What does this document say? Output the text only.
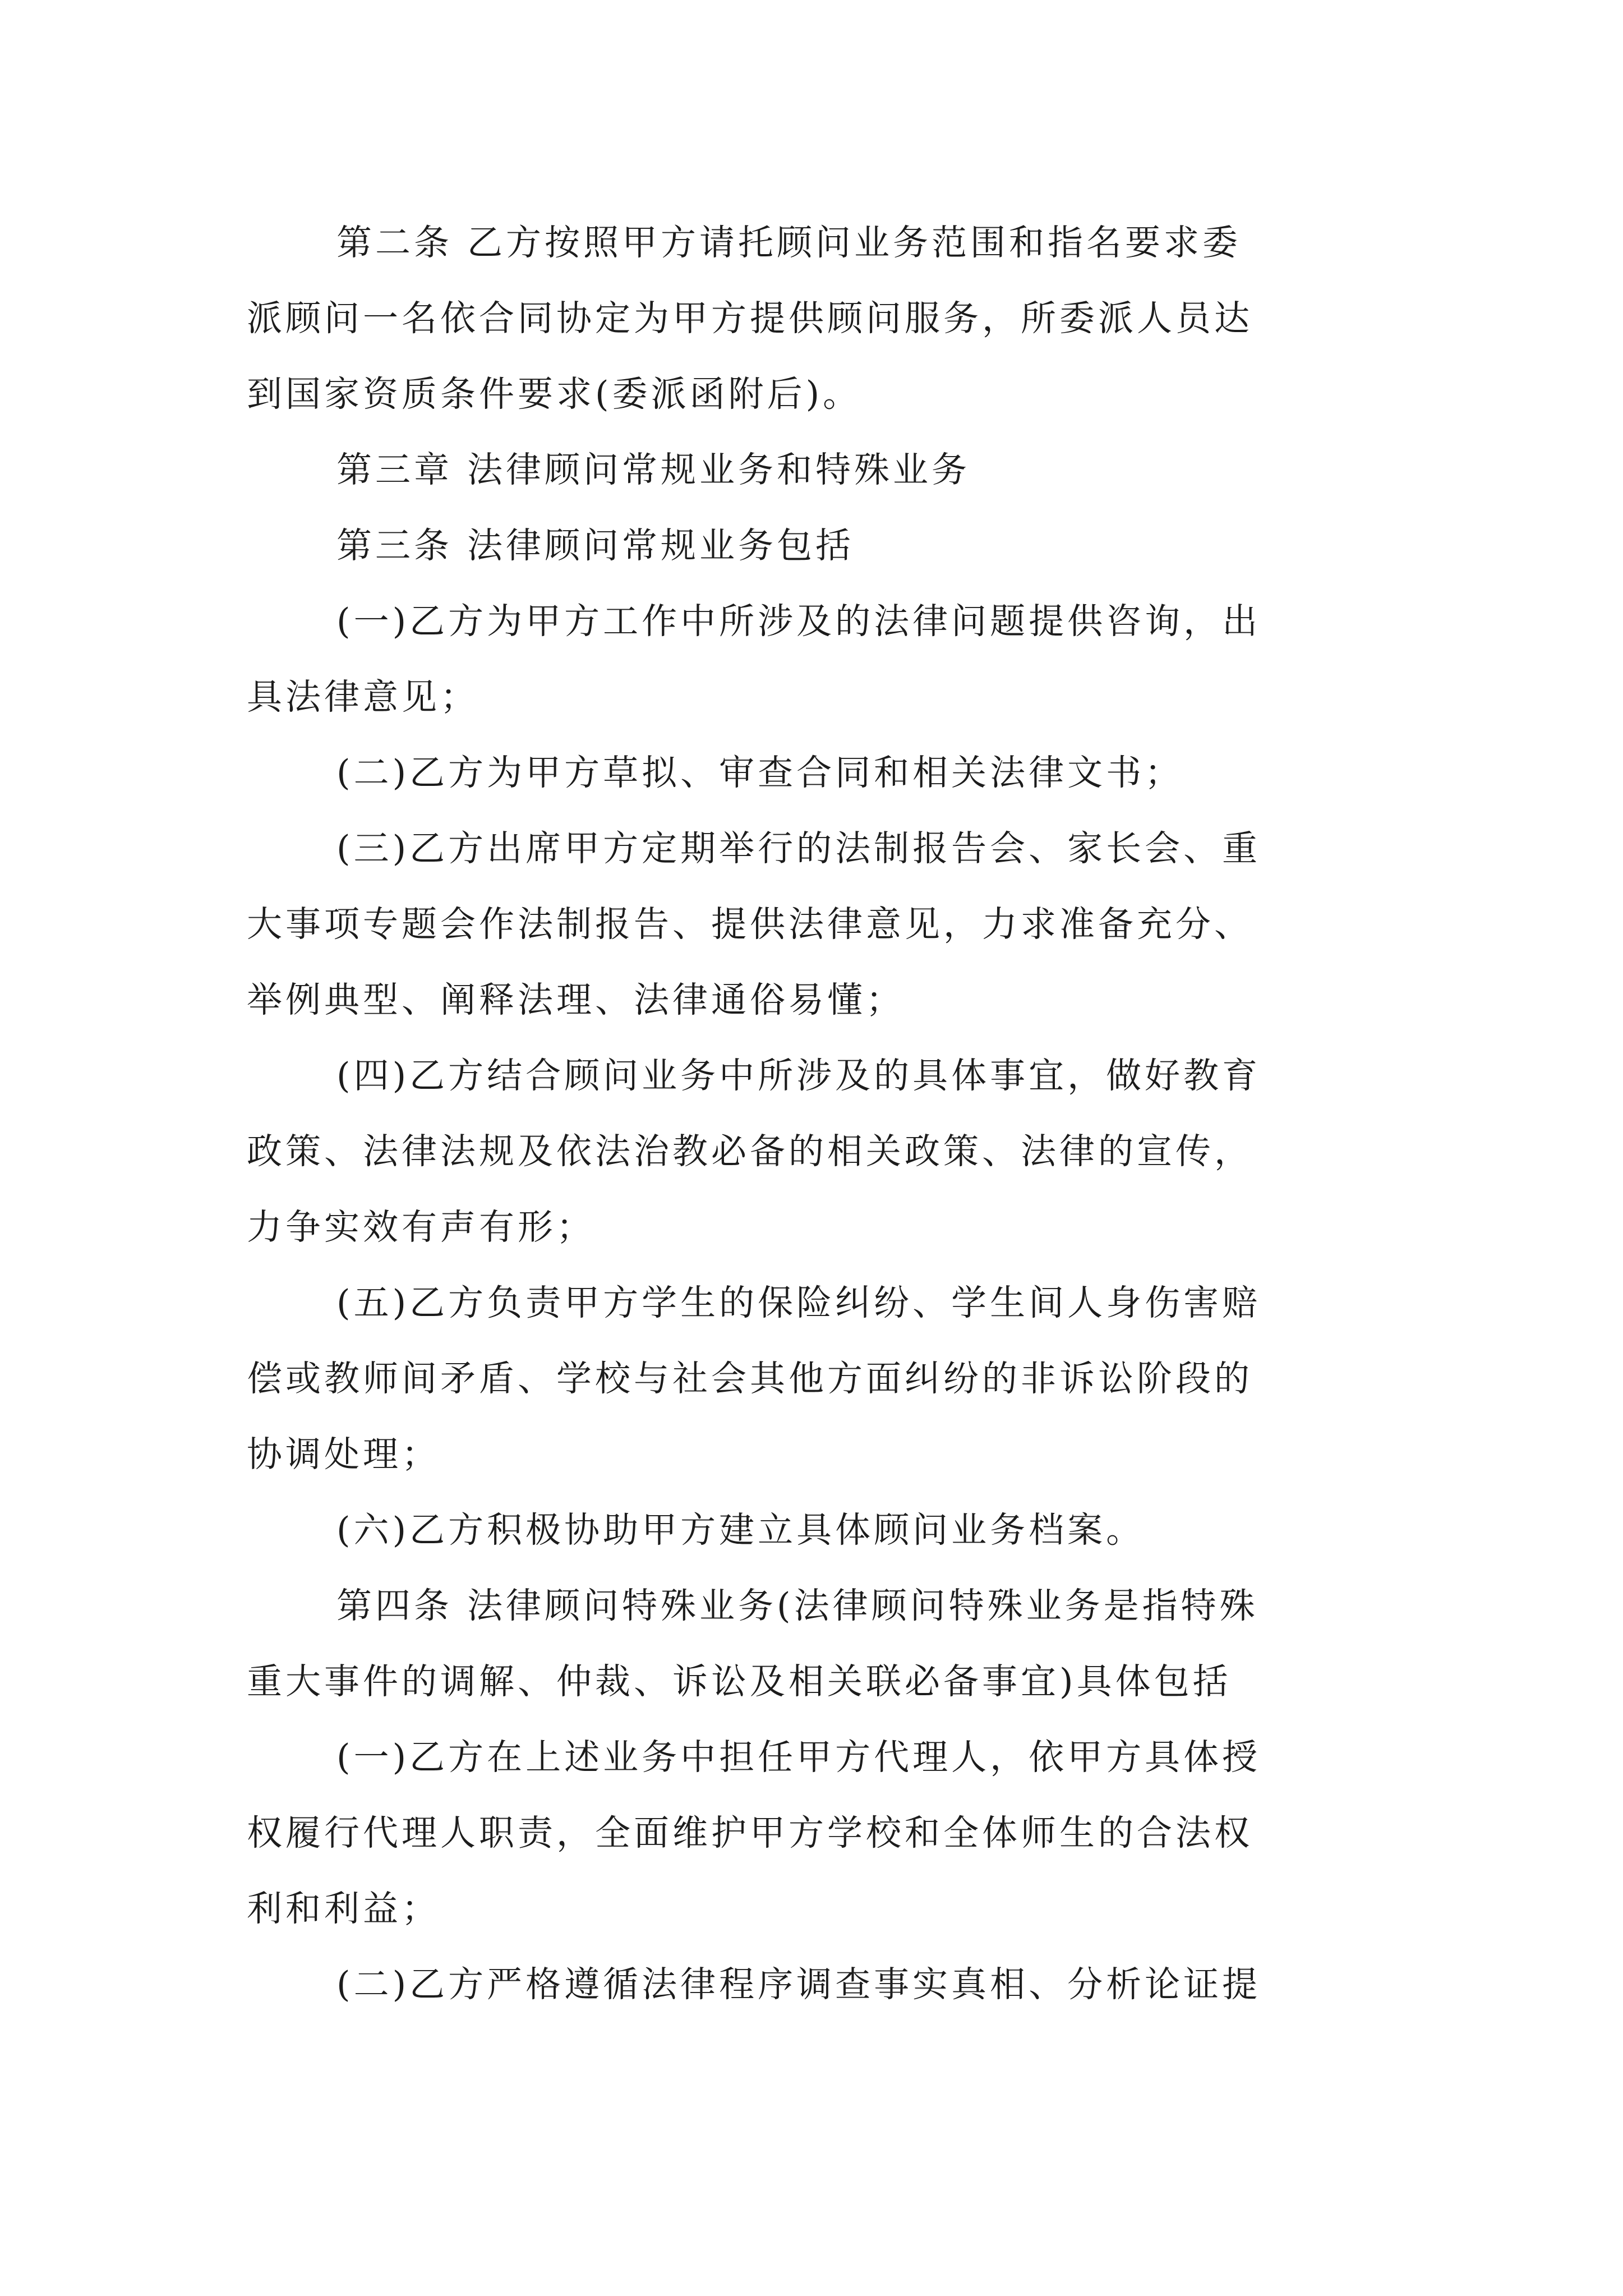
第二条 乙方按照甲方请托顾问业务范围和指名要求委
派顾问一名依合同协定为甲方提供顾问服务，所委派人员达
到国家资质条件要求(委派函附后)。
第三章 法律顾问常规业务和特殊业务
第三条 法律顾问常规业务包括
(一)乙方为甲方工作中所涉及的法律问题提供咨询，出
具法律意见；
(二)乙方为甲方草拟、审查合同和相关法律文书；
(三)乙方出席甲方定期举行的法制报告会、家长会、重
大事项专题会作法制报告、提供法律意见，力求准备充分、
举例典型、阐释法理、法律通俗易懂；
(四)乙方结合顾问业务中所涉及的具体事宜，做好教育
政策、法律法规及依法治教必备的相关政策、法律的宣传，
力争实效有声有形；
(五)乙方负责甲方学生的保险纠纷、学生间人身伤害赔
偿或教师间矛盾、学校与社会其他方面纠纷的非诉讼阶段的
协调处理；
(六)乙方积极协助甲方建立具体顾问业务档案。
第四条 法律顾问特殊业务(法律顾问特殊业务是指特殊
重大事件的调解、仲裁、诉讼及相关联必备事宜)具体包括
(一)乙方在上述业务中担任甲方代理人，依甲方具体授
权履行代理人职责，全面维护甲方学校和全体师生的合法权
利和利益；
(二)乙方严格遵循法律程序调查事实真相、分析论证提
